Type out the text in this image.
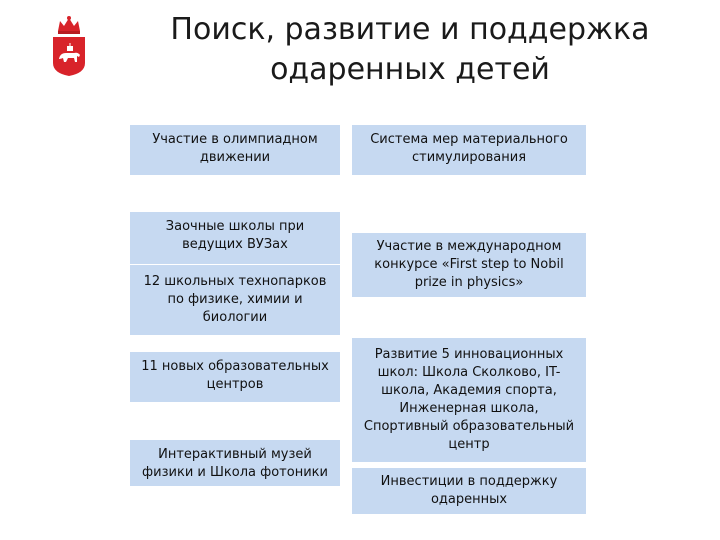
Поиск, развитие и поддержка
одаренных детей
Участие в олимпиадном движении
Заочные школы при ведущих ВУЗах
12 школьных технопарков по физике, химии и биологии
11 новых образовательных центров
Интерактивный музей физики и Школа фотоники
Система мер материального стимулирования
Участие в международном конкурсе «First step to Nobil prize in physics»
Развитие 5 инновационных школ: Школа Сколково, IT-школа, Академия спорта, Инженерная школа, Спортивный образовательный центр
Инвестиции в поддержку одаренных
